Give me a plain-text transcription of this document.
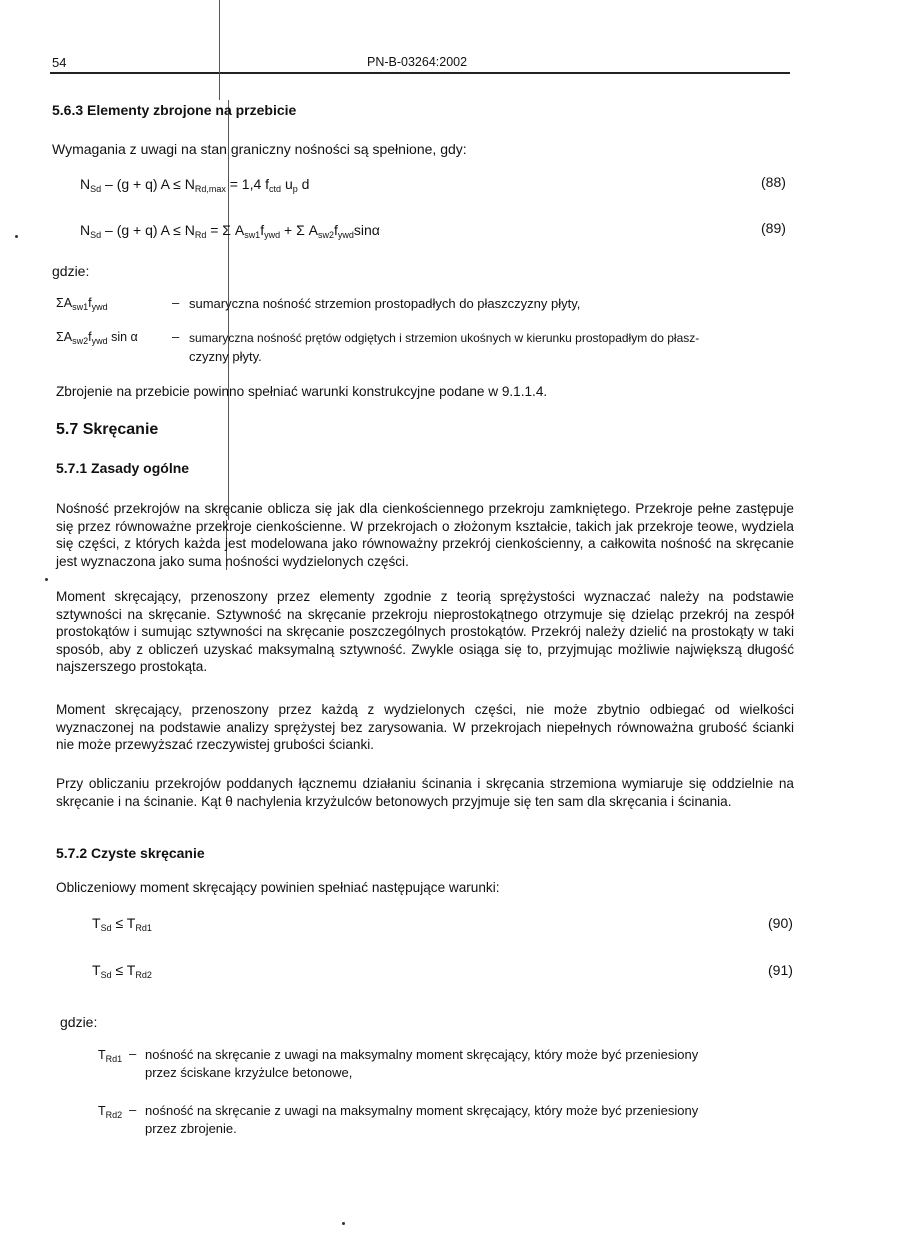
54	PN-B-03264:2002
5.6.3 Elementy zbrojone na przebicie
Wymagania z uwagi na stan graniczny nośności są spełnione, gdy:
$N_{Sd} - (g + q) A \le N_{Rd,max} = 1,4$ $f_{ctd}$ $u_p$ d	(88)
$N_{Sd} - (g + q) A \le N_{Rd} = \Sigma$ $A_{sw1}f_{ywd} + \Sigma$ $A_{sw2}f_{ywd}\sin\alpha$	(89)
gdzie:
$\Sigma A_{sw1}f_{ywd}$	– sumaryczna nośność strzemion prostopadłych do płaszczyzny płyty,
$\Sigma A_{sw2}f_{ywd}$ sin α	– sumaryczna nośność prętów odgiętych i strzemion ukośnych w kierunku prostopadłym do płasz-
czyzny płyty.
Zbrojenie na przebicie powinno spełniać warunki konstrukcyjne podane w 9.1.1.4.
5.7 Skręcanie
5.7.1 Zasady ogólne
Nośność przekrojów na skręcanie oblicza się jak dla cienkościennego przekroju zamkniętego. Przekroje pełne zastępuje się przez równoważne przekroje cienkościenne. W przekrojach o złożonym kształcie, takich jak przekroje teowe, wydziela się części, z których każda jest modelowana jako równoważny przekrój cienkościenny, a całkowita nośność na skręcanie jest wyznaczona jako suma nośności wydzielonych części.
Moment skręcający, przenoszony przez elementy zgodnie z teorią sprężystości wyznaczać należy na podstawie sztywności na skręcanie. Sztywność na skręcanie przekroju nieprostokątnego otrzymuje się dzieląc przekrój na zespół prostokątów i sumując sztywności na skręcanie poszczególnych prostokątów. Przekrój należy dzielić na prostokąty w taki sposób, aby z obliczeń uzyskać maksymalną sztywność. Zwykle osiąga się to, przyjmując możliwie największą długość najszerszego prostokąta.
Moment skręcający, przenoszony przez każdą z wydzielonych części, nie może zbytnio odbiegać od wielkości wyznaczonej na podstawie analizy sprężystej bez zarysowania. W przekrojach niepełnych równoważna grubość ścianki nie może przewyższać rzeczywistej grubości ścianki.
Przy obliczaniu przekrojów poddanych łącznemu działaniu ścinania i skręcania strzemiona wymiaruje się oddzielnie na skręcanie i na ścinanie. Kąt θ nachylenia krzyżulców betonowych przyjmuje się ten sam dla skręcania i ścinania.
5.7.2 Czyste skręcanie
Obliczeniowy moment skręcający powinien spełniać następujące warunki:
$T_{Sd} \le T_{Rd1}$	(90)
$T_{Sd} \le T_{Rd2}$	(91)
gdzie:
$T_{Rd1}$ – nośność na skręcanie z uwagi na maksymalny moment skręcający, który może być przeniesiony
przez ściskane krzyżulce betonowe,
$T_{Rd2}$ – nośność na skręcanie z uwagi na maksymalny moment skręcający, który może być przeniesiony
przez zbrojenie.
